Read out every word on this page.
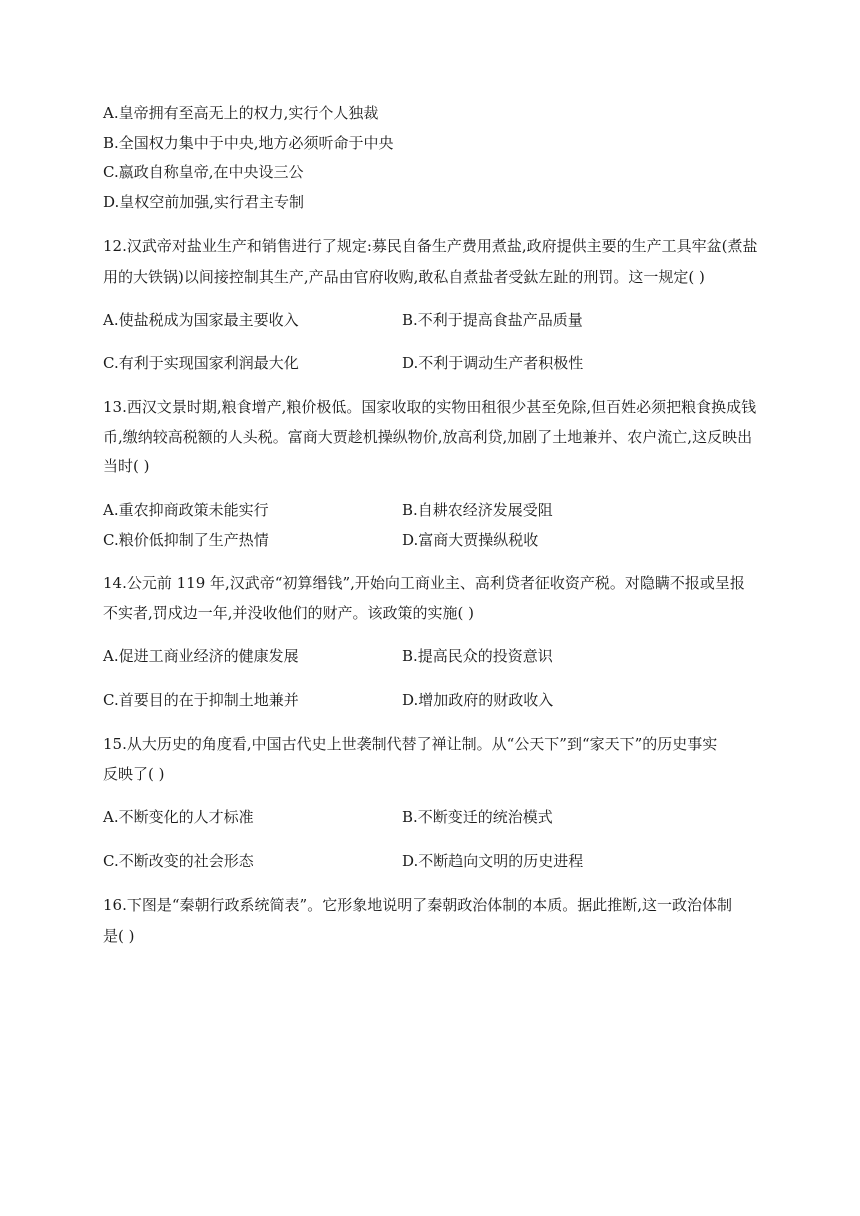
A.皇帝拥有至高无上的权力,实行个人独裁
B.全国权力集中于中央,地方必须听命于中央
C.嬴政自称皇帝,在中央设三公
D.皇权空前加强,实行君主专制
12.汉武帝对盐业生产和销售进行了规定:募民自备生产费用煮盐,政府提供主要的生产工具牢盆(煮盐
用的大铁锅)以间接控制其生产,产品由官府收购,敢私自煮盐者受鈦左趾的刑罚。这一规定( )
A.使盐税成为国家最主要收入	B.不利于提高食盐产品质量
C.有利于实现国家利润最大化	D.不利于调动生产者积极性
13.西汉文景时期,粮食增产,粮价极低。国家收取的实物田租很少甚至免除,但百姓必须把粮食换成钱
币,缴纳较高税额的人头税。富商大贾趁机操纵物价,放高利贷,加剧了土地兼并、农户流亡,这反映出
当时( )
A.重农抑商政策未能实行	B.自耕农经济发展受阻
C.粮价低抑制了生产热情	D.富商大贾操纵税收
14.公元前 119 年,汉武帝“初算缗钱”,开始向工商业主、高利贷者征收资产税。对隐瞒不报或呈报
不实者,罚戍边一年,并没收他们的财产。该政策的实施( )
A.促进工商业经济的健康发展	B.提高民众的投资意识
C.首要目的在于抑制土地兼并	D.增加政府的财政收入
15.从大历史的角度看,中国古代史上世袭制代替了禅让制。从“公天下”到“家天下”的历史事实
反映了( )
A.不断变化的人才标准	B.不断变迁的统治模式
C.不断改变的社会形态	D.不断趋向文明的历史进程
16.下图是“秦朝行政系统简表”。它形象地说明了秦朝政治体制的本质。据此推断,这一政治体制
是( )
